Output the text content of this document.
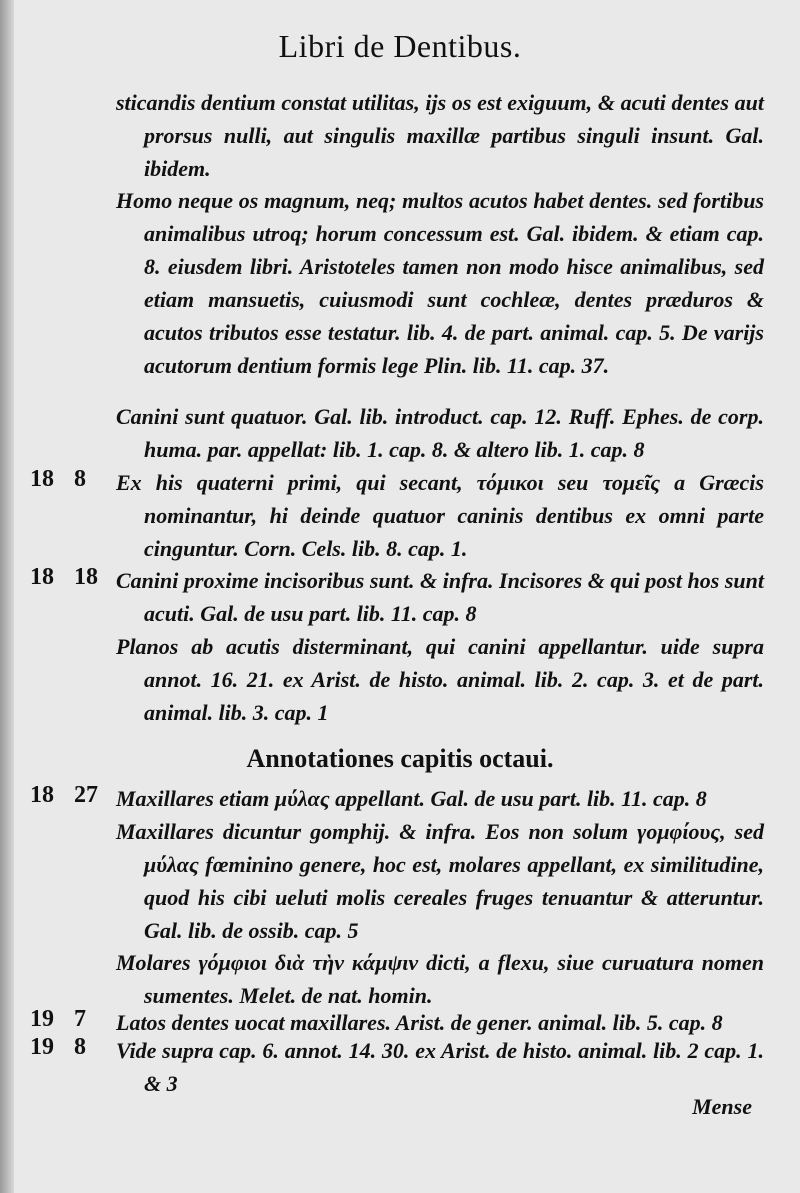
Libri de Dentibus.
sticandis dentium constat utilitas, ijs os est exiguum, & acuti dentes aut prorsus nulli, aut singulis maxillæ partibus singuli insunt. Gal. ibidem.
Homo neque os magnum, neq; multos acutos habet dentes. sed fortibus animalibus utroq; horum concessum est. Gal. ibidem. & etiam cap. 8. eiusdem libri. Aristoteles tamen non modo hisce animalibus, sed etiam mansuetis, cuiusmodi sunt cochleæ, dentes præduros & acutos tributos esse testatur. lib. 4. de part. animal. cap. 5. De varijs acutorum dentium formis lege Plin. lib. 11. cap. 37.
Canini sunt quatuor. Gal. lib. introduct. cap. 12. Ruff. Ephes. de corp. huma. par. appellat: lib. 1. cap. 8. & altero lib. 1. cap. 8
18 8 Ex his quaterni primi, qui secant, τόμικοι seu τομεῖς a Græcis nominantur, hi deinde quatuor caninis dentibus ex omni parte cinguntur. Corn. Cels. lib. 8. cap. 1.
18 18 Canini proxime incisoribus sunt. & infra. Incisores & qui post hos sunt acuti. Gal. de usu part. lib. 11. cap. 8
Planos ab acutis disterminant, qui canini appellantur. uide supra annot. 16. 21. ex Arist. de histo. animal. lib. 2. cap. 3. et de part. animal. lib. 3. cap. 1
Annotationes capitis octaui.
18 27 Maxillares etiam μύλας appellant. Gal. de usu part. lib. 11. cap. 8
Maxillares dicuntur gomphij. & infra. Eos non solum γομφίους, sed μύλας fœminino genere, hoc est, molares appellant, ex similitudine, quod his cibi ueluti molis cereales fruges tenuantur & atteruntur. Gal. lib. de ossib. cap. 5
Molares γόμφιοι διὰ τὴν κάμψιν dicti, a flexu, siue curuatura nomen sumentes. Melet. de nat. homin.
19 7 Latos dentes uocat maxillares. Arist. de gener. animal. lib. 5. cap. 8
19 8 Vide supra cap. 6. annot. 14. 30. ex Arist. de histo. animal. lib. 2 cap. 1. & 3
Mense
